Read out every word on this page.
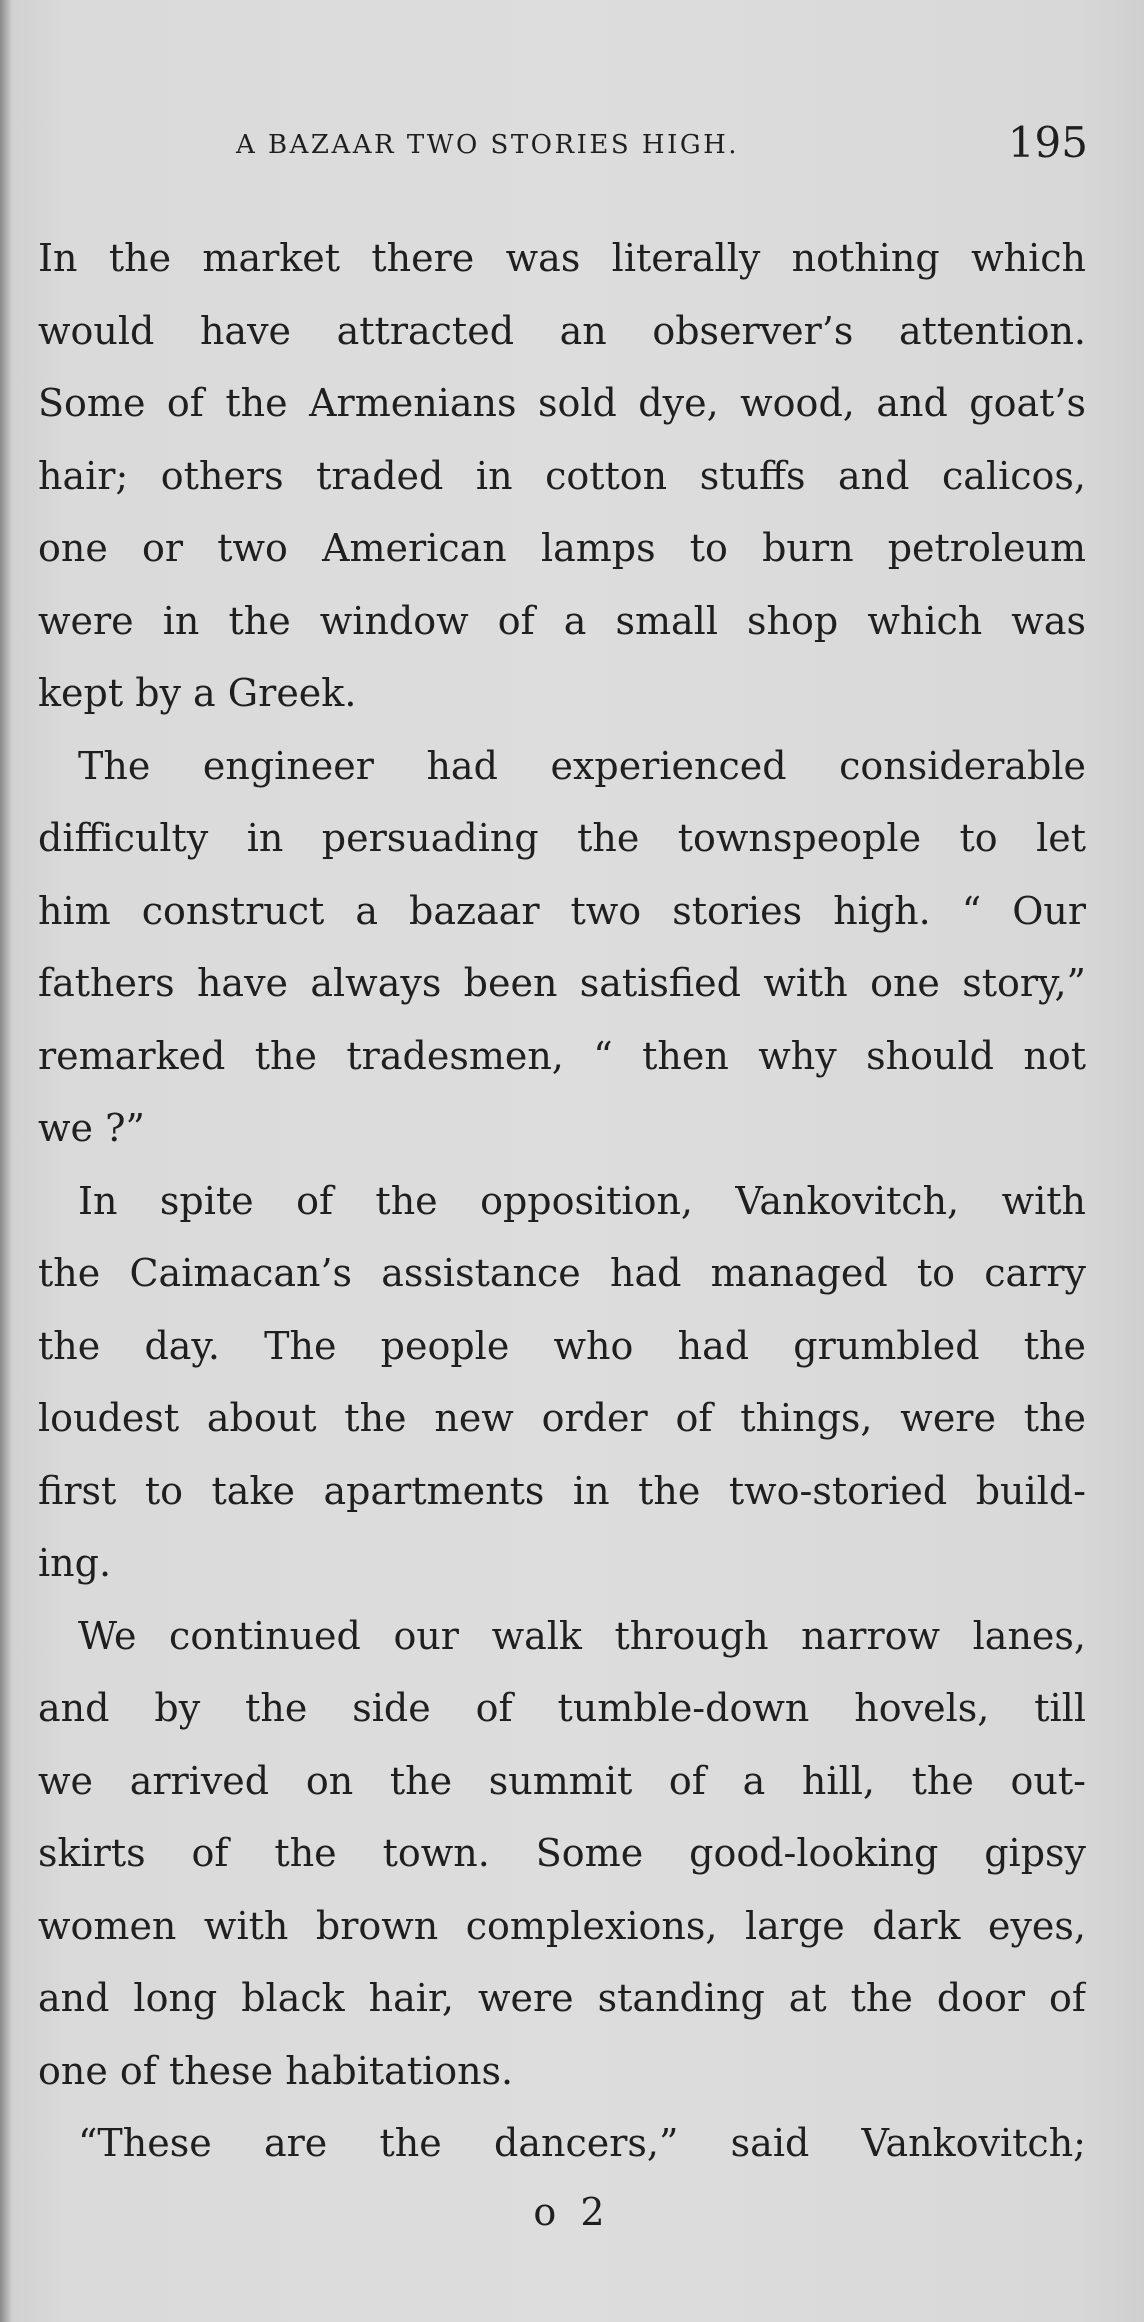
A BAZAAR TWO STORIES HIGH.	195
In the market there was literally nothing which
would have attracted an observer’s attention.
Some of the Armenians sold dye, wood, and goat’s
hair; others traded in cotton stuffs and calicos,
one or two American lamps to burn petroleum
were in the window of a small shop which was
kept by a Greek.
The engineer had experienced considerable
difficulty in persuading the townspeople to let
him construct a bazaar two stories high. “ Our
fathers have always been satisfied with one story,”
remarked the tradesmen, “ then why should not
we ?”
In spite of the opposition, Vankovitch, with
the Caimacan’s assistance had managed to carry
the day. The people who had grumbled the
loudest about the new order of things, were the
first to take apartments in the two-storied build-
ing.
We continued our walk through narrow lanes,
and by the side of tumble-down hovels, till
we arrived on the summit of a hill, the out-
skirts of the town. Some good-looking gipsy
women with brown complexions, large dark eyes,
and long black hair, were standing at the door of
one of these habitations.
“These are the dancers,” said Vankovitch;
o 2
